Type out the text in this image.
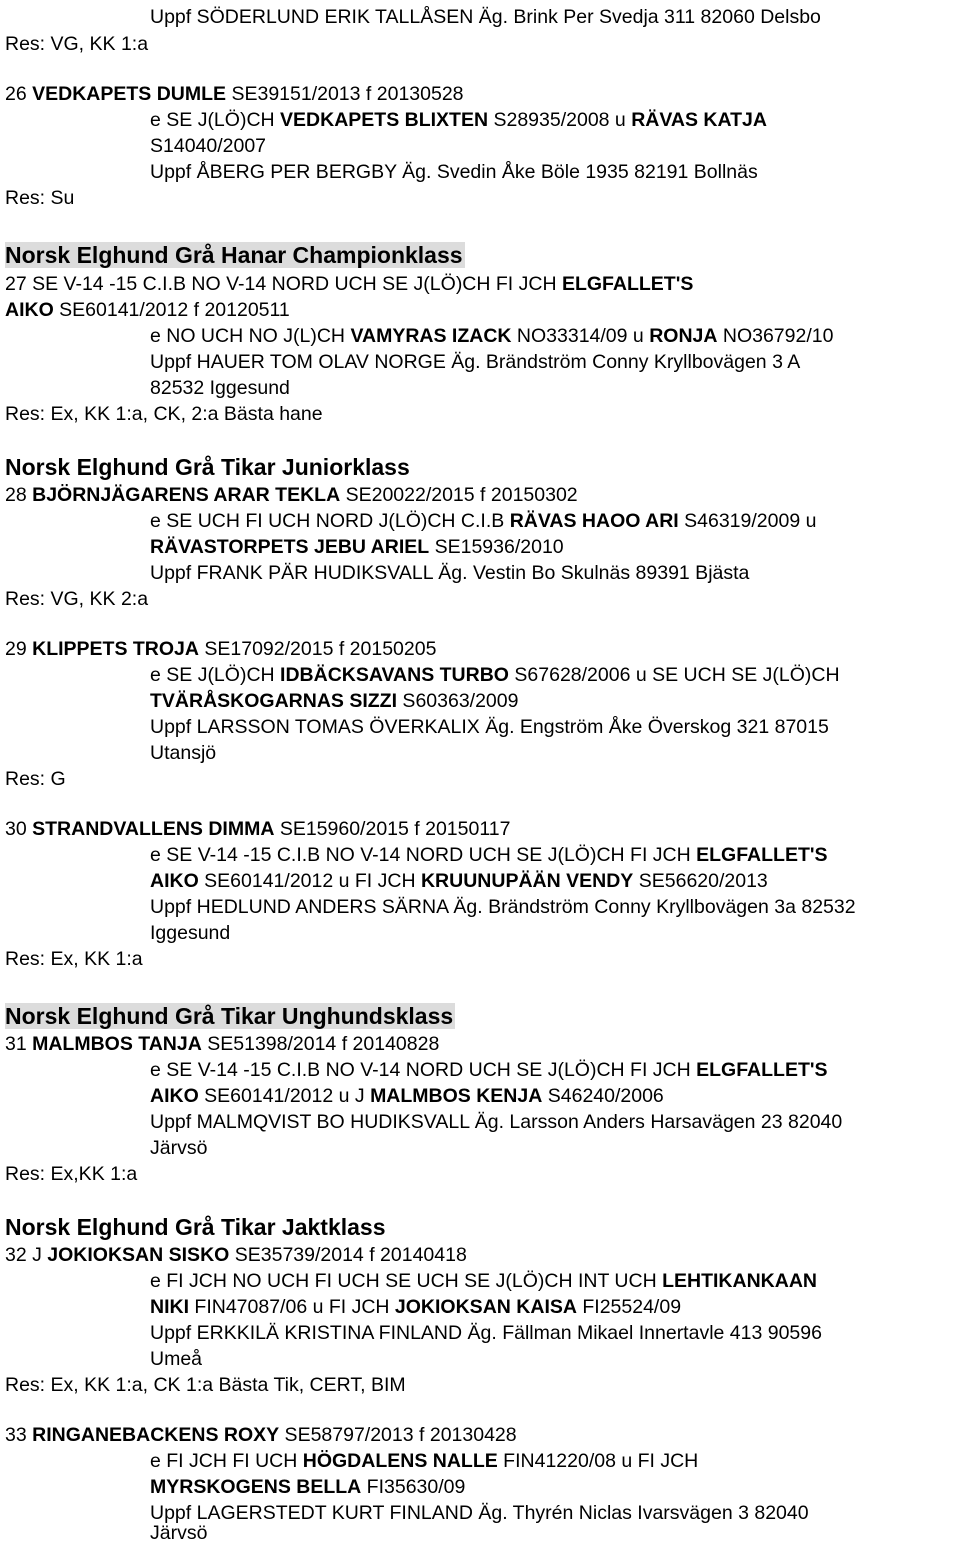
Uppf SÖDERLUND ERIK TALLÅSEN Äg. Brink Per Svedja 311 82060 Delsbo
Res: VG, KK 1:a
26 VEDKAPETS DUMLE SE39151/2013 f 20130528
e SE J(LÖ)CH VEDKAPETS BLIXTEN S28935/2008 u RÄVAS KATJA
S14040/2007
Uppf ÅBERG PER BERGBY Äg. Svedin Åke Böle 1935 82191 Bollnäs
Res: Su
Norsk Elghund Grå Hanar Championklass
27 SE V-14 -15 C.I.B NO V-14 NORD UCH SE J(LÖ)CH FI JCH ELGFALLET'S
AIKO SE60141/2012 f 20120511
e NO UCH NO J(L)CH VAMYRAS IZACK NO33314/09 u RONJA NO36792/10
Uppf HAUER TOM OLAV NORGE Äg. Brändström Conny Kryllbovägen 3 A
82532 Iggesund
Res: Ex, KK 1:a, CK, 2:a Bästa hane
Norsk Elghund Grå Tikar Juniorklass
28 BJÖRNJÄGARENS ARAR TEKLA SE20022/2015 f 20150302
e SE UCH FI UCH NORD J(LÖ)CH C.I.B RÄVAS HAOO ARI S46319/2009 u
RÄVASTORPETS JEBU ARIEL SE15936/2010
Uppf FRANK PÄR HUDIKSVALL Äg. Vestin Bo Skulnäs 89391 Bjästa
Res: VG, KK 2:a
29 KLIPPETS TROJA SE17092/2015 f 20150205
e SE J(LÖ)CH IDBÄCKSAVANS TURBO S67628/2006 u SE UCH SE J(LÖ)CH
TVÄRÅSKOGARNAS SIZZI S60363/2009
Uppf LARSSON TOMAS ÖVERKALIX Äg. Engström Åke Överskog 321 87015
Utansjö
Res: G
30 STRANDVALLENS DIMMA SE15960/2015 f 20150117
e SE V-14 -15 C.I.B NO V-14 NORD UCH SE J(LÖ)CH FI JCH ELGFALLET'S
AIKO SE60141/2012 u FI JCH KRUUNUPÄÄN VENDY SE56620/2013
Uppf HEDLUND ANDERS SÄRNA Äg. Brändström Conny Kryllbovägen 3a 82532
Iggesund
Res: Ex, KK 1:a
Norsk Elghund Grå Tikar Unghundsklass
31 MALMBOS TANJA SE51398/2014 f 20140828
e SE V-14 -15 C.I.B NO V-14 NORD UCH SE J(LÖ)CH FI JCH ELGFALLET'S
AIKO SE60141/2012 u J MALMBOS KENJA S46240/2006
Uppf MALMQVIST BO HUDIKSVALL Äg. Larsson Anders Harsavägen 23 82040
Järvsö
Res: Ex,KK 1:a
Norsk Elghund Grå Tikar Jaktklass
32 J JOKIOKSAN SISKO SE35739/2014 f 20140418
e FI JCH NO UCH FI UCH SE UCH SE J(LÖ)CH INT UCH LEHTIKANKAAN
NIKI FIN47087/06 u FI JCH JOKIOKSAN KAISA FI25524/09
Uppf ERKKILÄ KRISTINA FINLAND Äg. Fällman Mikael Innertavle 413 90596
Umeå
Res: Ex, KK 1:a, CK 1:a Bästa Tik, CERT, BIM
33 RINGANEBACKENS ROXY SE58797/2013 f 20130428
e FI JCH FI UCH HÖGDALENS NALLE FIN41220/08 u FI JCH
MYRSKOGENS BELLA FI35630/09
Uppf LAGERSTEDT KURT FINLAND Äg. Thyrén Niclas Ivarsvägen 3 82040
Järvsö
